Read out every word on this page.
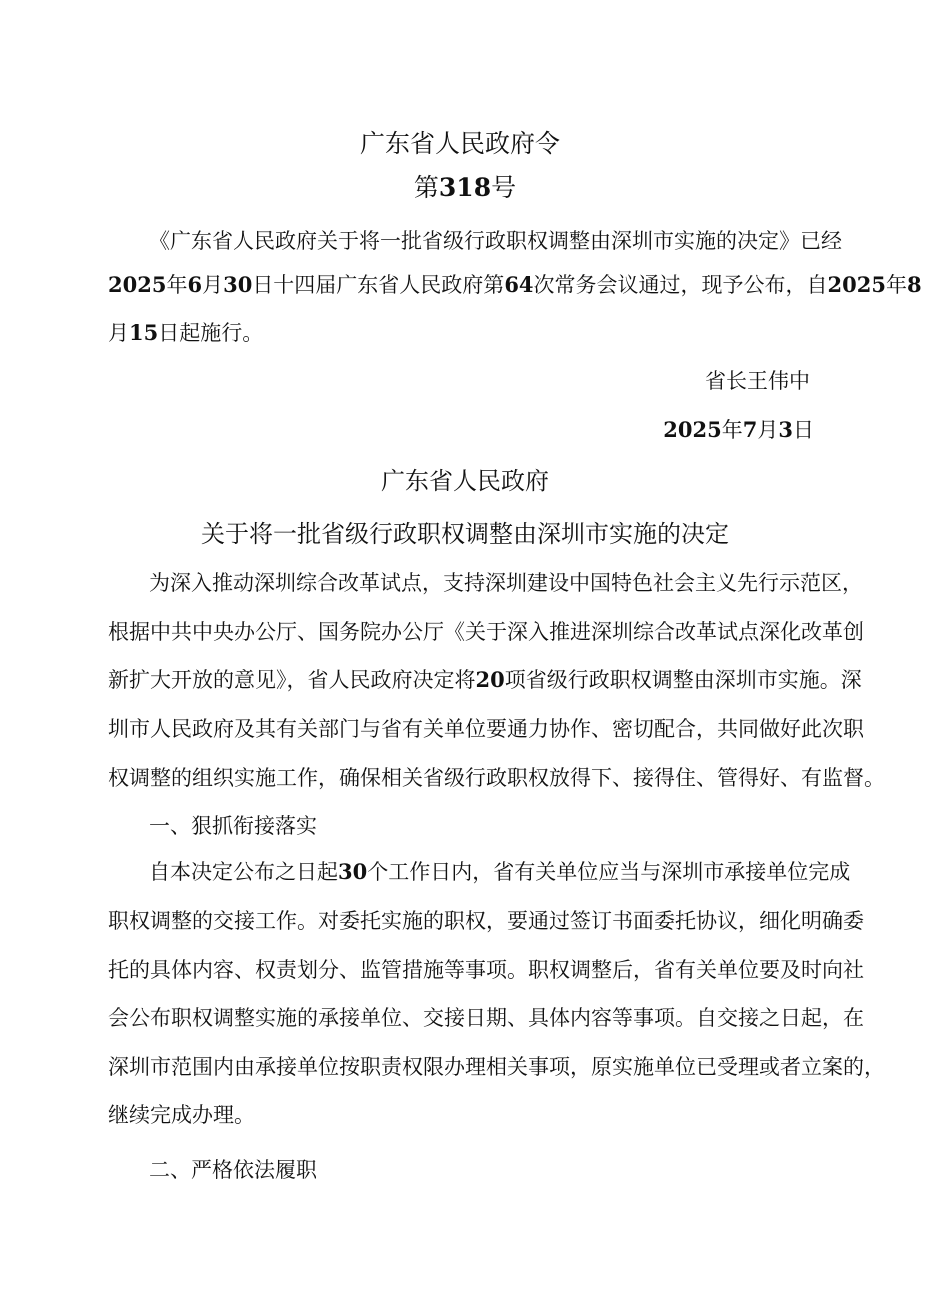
广东省人民政府令
第318号
《广东省人民政府关于将一批省级行政职权调整由深圳市实施的决定》已经
2025年6月30日十四届广东省人民政府第64次常务会议通过，现予公布，自2025年8
月15日起施行。
省长王伟中
2025年7月3日
广东省人民政府
关于将一批省级行政职权调整由深圳市实施的决定
为深入推动深圳综合改革试点，支持深圳建设中国特色社会主义先行示范区，
根据中共中央办公厅、国务院办公厅《关于深入推进深圳综合改革试点深化改革创
新扩大开放的意见》，省人民政府决定将20项省级行政职权调整由深圳市实施。深
圳市人民政府及其有关部门与省有关单位要通力协作、密切配合，共同做好此次职
权调整的组织实施工作，确保相关省级行政职权放得下、接得住、管得好、有监督。
一、狠抓衔接落实
自本决定公布之日起30个工作日内，省有关单位应当与深圳市承接单位完成
职权调整的交接工作。对委托实施的职权，要通过签订书面委托协议，细化明确委
托的具体内容、权责划分、监管措施等事项。职权调整后，省有关单位要及时向社
会公布职权调整实施的承接单位、交接日期、具体内容等事项。自交接之日起，在
深圳市范围内由承接单位按职责权限办理相关事项，原实施单位已受理或者立案的，
继续完成办理。
二、严格依法履职
